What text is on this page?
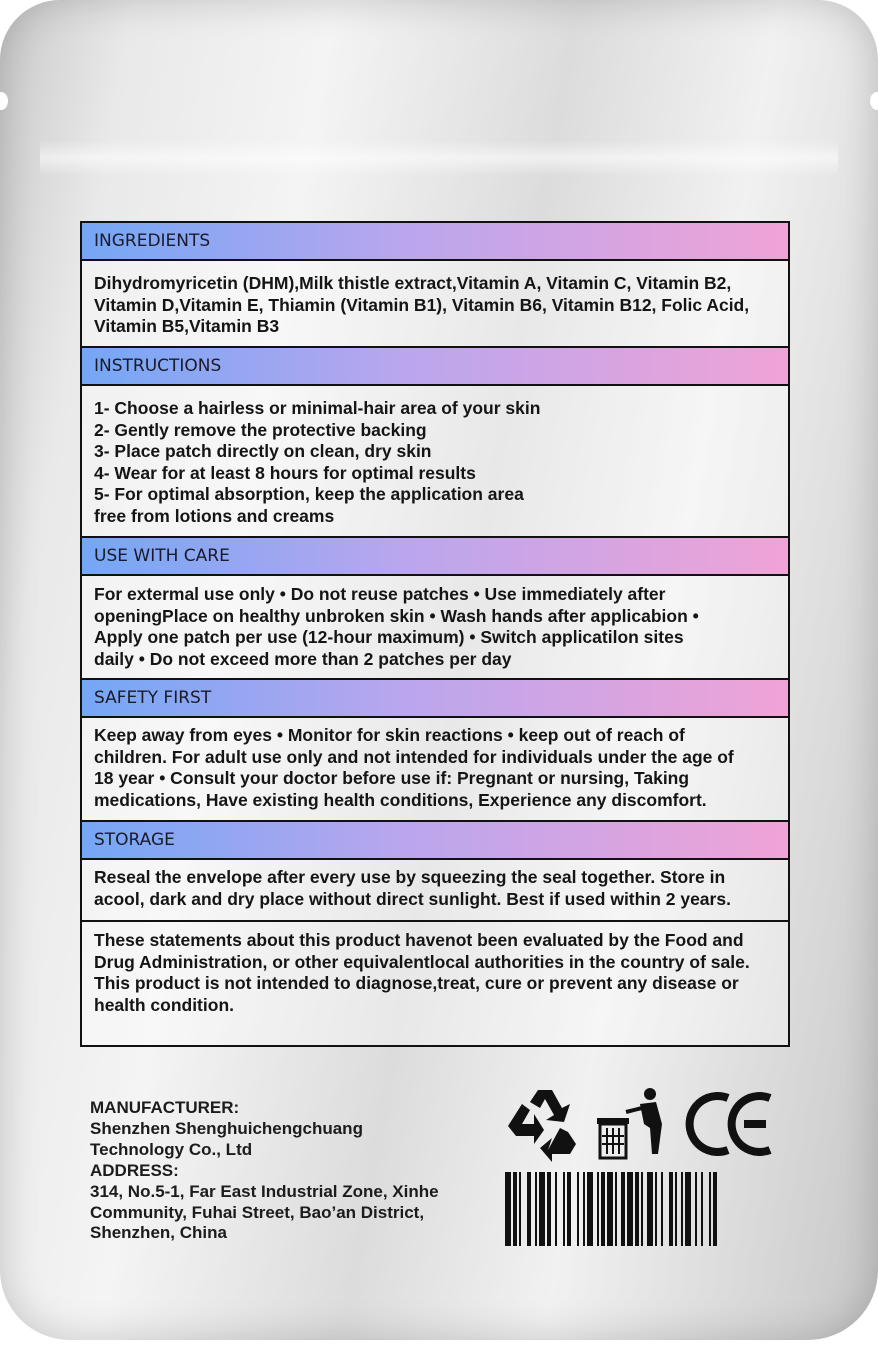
INGREDIENTS
Dihydromyricetin (DHM),Milk thistle extract,Vitamin A, Vitamin C, Vitamin B2,
Vitamin D,Vitamin E, Thiamin (Vitamin B1), Vitamin B6, Vitamin B12, Folic Acid,
Vitamin B5,Vitamin B3
INSTRUCTIONS
1- Choose a hairless or minimal-hair area of your skin
2- Gently remove the protective backing
3- Place patch directly on clean, dry skin
4- Wear for at least 8 hours for optimal results
5- For optimal absorption, keep the application area
free from lotions and creams
USE WITH CARE
For extermal use only • Do not reuse patches • Use immediately after
openingPlace on healthy unbroken skin • Wash hands after applicabion •
Apply one patch per use (12-hour maximum) • Switch applicatilon sites
daily • Do not exceed more than 2 patches per day
SAFETY FIRST
Keep away from eyes • Monitor for skin reactions • keep out of reach of
children. For adult use only and not intended for individuals under the age of
18 year • Consult your doctor before use if: Pregnant or nursing, Taking
medications, Have existing health conditions, Experience any discomfort.
STORAGE
Reseal the envelope after every use by squeezing the seal together. Store in
acool, dark and dry place without direct sunlight. Best if used within 2 years.
These statements about this product havenot been evaluated by the Food and
Drug Administration, or other equivalentlocal authorities in the country of sale.
This product is not intended to diagnose,treat, cure or prevent any disease or
health condition.
MANUFACTURER:
Shenzhen Shenghuichengchuang
Technology Co., Ltd
ADDRESS:
314, No.5-1, Far East Industrial Zone, Xinhe
Community, Fuhai Street, Bao’an District,
Shenzhen, China
